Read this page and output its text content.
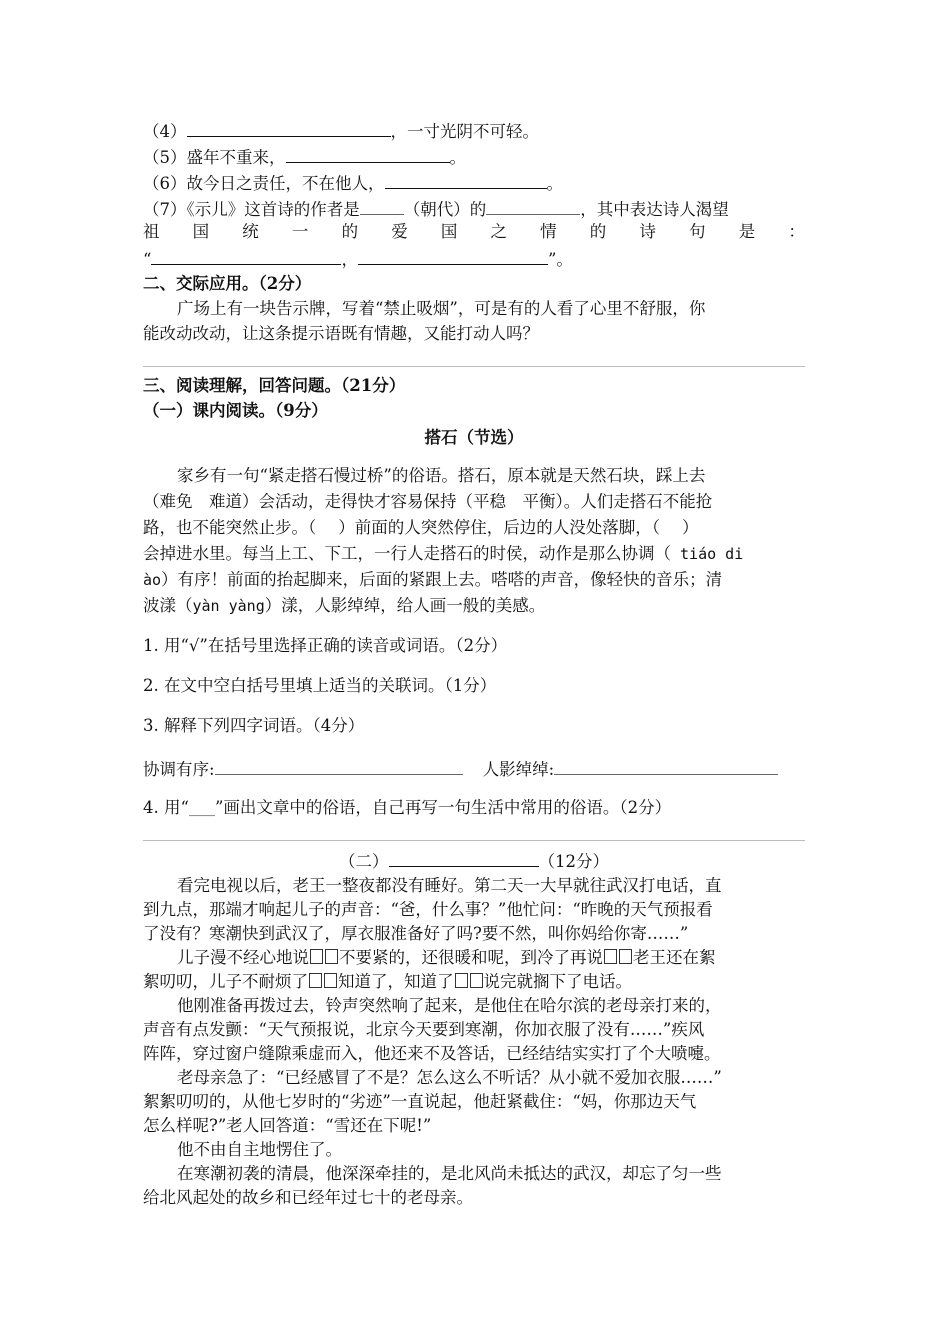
（4）	，一寸光阴不可轻。
（5）盛年不重来，	。
（6）故今日之责任，不在他人，	。
（7）《示儿》这首诗的作者是	（朝代）的	，其中表达诗人渴望
祖 国 统 一 的 爱 国 之 情 的 诗 句 是 ：
“	，	”。
二、交际应用。（2分）
广场上有一块告示牌，写着“禁止吸烟”，可是有的人看了心里不舒服，你
能改动改动，让这条提示语既有情趣，又能打动人吗？
三、阅读理解，回答问题。（21分）
（一）课内阅读。（9分）
搭石（节选）
家乡有一句“紧走搭石慢过桥”的俗语。搭石，原本就是天然石块，踩上去
（难免　难道）会活动，走得快才容易保持（平稳　平衡）。人们走搭石不能抢
路，也不能突然止步。（ ）前面的人突然停住，后边的人没处落脚，（ ）
会掉进水里。每当上工、下工，一行人走搭石的时侯，动作是那么协调（ tiáo di
ào）有序！前面的抬起脚来，后面的紧跟上去。嗒嗒的声音，像轻快的音乐；清
波漾（yàn yàng）漾，人影绰绰，给人画一般的美感。
1. 用“√”在括号里选择正确的读音或词语。（2分）
2. 在文中空白括号里填上适当的关联词。（1分）
3. 解释下列四字词语。（4分）
协调有序:	人影绰绰:
4. 用“____”画出文章中的俗语，自己再写一句生活中常用的俗语。（2分）
（二）	（12分）
看完电视以后，老王一整夜都没有睡好。第二天一大早就往武汉打电话，直
到九点，那端才响起儿子的声音：“爸，什么事？”他忙问：“昨晚的天气预报看
了没有？寒潮快到武汉了，厚衣服准备好了吗?要不然，叫你妈给你寄……”
儿子漫不经心地说 不要紧的，还很暖和呢，到冷了再说 老王还在絮
絮叨叨，儿子不耐烦了 知道了，知道了 说完就搁下了电话。
他刚准备再拨过去，铃声突然响了起来，是他住在哈尔滨的老母亲打来的，
声音有点发颤：“天气预报说，北京今天要到寒潮，你加衣服了没有……”疾风
阵阵，穿过窗户缝隙乘虚而入，他还来不及答话，已经结结实实打了个大喷嚏。
老母亲急了：“已经感冒了不是？怎么这么不听话？从小就不爱加衣服……”
絮絮叨叨的，从他七岁时的“劣迹”一直说起，他赶紧截住：“妈，你那边天气
怎么样呢?”老人回答道：“雪还在下呢!”
他不由自主地愣住了。
在寒潮初袭的清晨，他深深牵挂的，是北风尚未抵达的武汉，却忘了匀一些
给北风起处的故乡和已经年过七十的老母亲。
